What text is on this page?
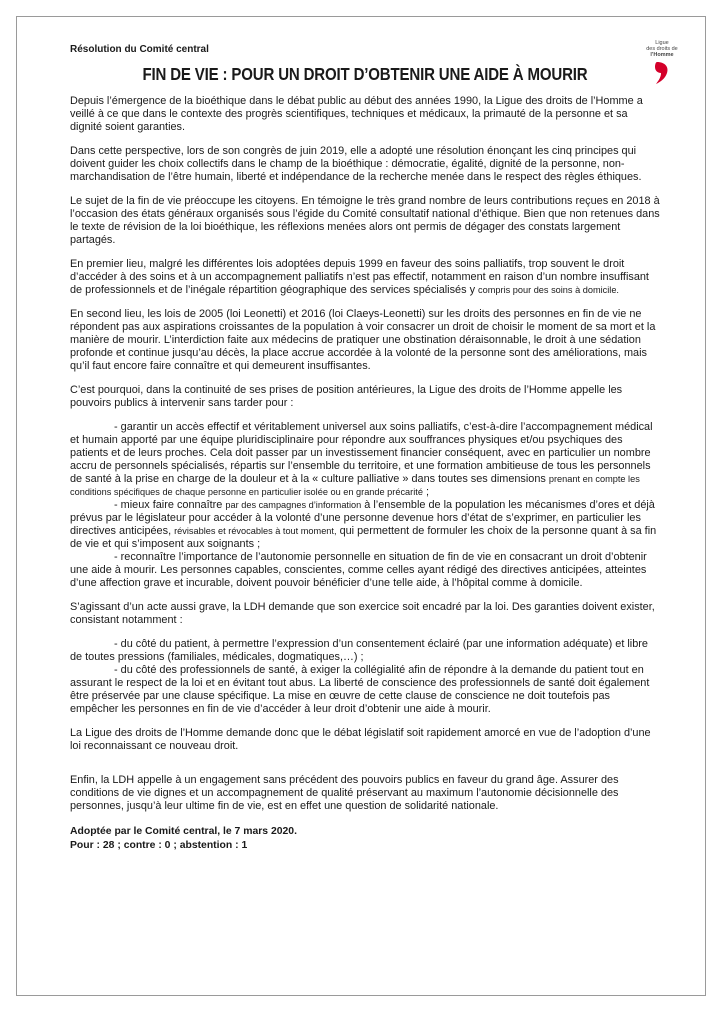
Ligue
des droits de
l’Homme
Résolution du Comité central
FIN DE VIE : POUR UN DROIT D’OBTENIR UNE AIDE À MOURIR

Depuis l’émergence de la bioéthique dans le débat public au début des années 1990, la Ligue des droits de l’Homme a veillé à ce que dans le contexte des progrès scientifiques, techniques et médicaux, la primauté de la personne et sa dignité soient garanties.

Dans cette perspective, lors de son congrès de juin 2019, elle a adopté une résolution énonçant les cinq principes qui doivent guider les choix collectifs dans le champ de la bioéthique : démocratie, égalité, dignité de la personne, non-marchandisation de l’être humain, liberté et indépendance de la recherche menée dans le respect des règles éthiques.

Le sujet de la fin de vie préoccupe les citoyens. En témoigne le très grand nombre de leurs contributions reçues en 2018 à l’occasion des états généraux organisés sous l’égide du Comité consultatif national d’éthique. Bien que non retenues dans le texte de révision de la loi bioéthique, les réflexions menées alors ont permis de dégager des constats largement partagés.

En premier lieu, malgré les différentes lois adoptées depuis 1999 en faveur des soins palliatifs, trop souvent le droit d’accéder à des soins et à un accompagnement palliatifs n’est pas effectif, notamment en raison d’un nombre insuffisant de professionnels et de l’inégale répartition géographique des services spécialisés y compris pour des soins à domicile.

En second lieu, les lois de 2005 (loi Leonetti) et 2016 (loi Claeys-Leonetti) sur les droits des personnes en fin de vie ne répondent pas aux aspirations croissantes de la population à voir consacrer un droit de choisir le moment de sa mort et la manière de mourir. L’interdiction faite aux médecins de pratiquer une obstination déraisonnable, le droit à une sédation profonde et continue jusqu’au décès, la place accrue accordée à la volonté de la personne sont des améliorations, mais qu’il faut encore faire connaître et qui demeurent insuffisantes.

C’est pourquoi, dans la continuité de ses prises de position antérieures, la Ligue des droits de l’Homme appelle les pouvoirs publics à intervenir sans tarder pour :

- garantir un accès effectif et véritablement universel aux soins palliatifs, c’est-à-dire l’accompagnement médical et humain apporté par une équipe pluridisciplinaire pour répondre aux souffrances physiques et/ou psychiques des patients et de leurs proches. Cela doit passer par un investissement financier conséquent, avec en particulier un nombre accru de personnels spécialisés, répartis sur l’ensemble du territoire, et une formation ambitieuse de tous les personnels de santé à la prise en charge de la douleur et à la « culture palliative » dans toutes ses dimensions prenant en compte les conditions spécifiques de chaque personne en particulier isolée ou en grande précarité ;

- mieux faire connaître par des campagnes d’information à l’ensemble de la population les mécanismes d’ores et déjà prévus par le législateur pour accéder à la volonté d’une personne devenue hors d’état de s’exprimer, en particulier les directives anticipées, révisables et révocables à tout moment, qui permettent de formuler les choix de la personne quant à sa fin de vie et qui s’imposent aux soignants ;

- reconnaître l’importance de l’autonomie personnelle en situation de fin de vie en consacrant un droit d’obtenir une aide à mourir. Les personnes capables, conscientes, comme celles ayant rédigé des directives anticipées, atteintes d’une affection grave et incurable, doivent pouvoir bénéficier d’une telle aide, à l’hôpital comme à domicile.

S’agissant d’un acte aussi grave, la LDH demande que son exercice soit encadré par la loi. Des garanties doivent exister, consistant notamment :

- du côté du patient, à permettre l’expression d’un consentement éclairé (par une information adéquate) et libre de toutes pressions (familiales, médicales, dogmatiques,…) ;

- du côté des professionnels de santé, à exiger la collégialité afin de répondre à la demande du patient tout en assurant le respect de la loi et en évitant tout abus. La liberté de conscience des professionnels de santé doit également être préservée par une clause spécifique. La mise en œuvre de cette clause de conscience ne doit toutefois pas empêcher les personnes en fin de vie d’accéder à leur droit d’obtenir une aide à mourir.

La Ligue des droits de l’Homme demande donc que le débat législatif soit rapidement amorcé en vue de l’adoption d’une loi reconnaissant ce nouveau droit.

Enfin, la LDH appelle à un engagement sans précédent des pouvoirs publics en faveur du grand âge. Assurer des conditions de vie dignes et un accompagnement de qualité préservant au maximum l’autonomie décisionnelle des personnes, jusqu’à leur ultime fin de vie, est en effet une question de solidarité nationale.

Adoptée par le Comité central, le 7 mars 2020.

Pour : 28 ; contre : 0 ; abstention : 1
